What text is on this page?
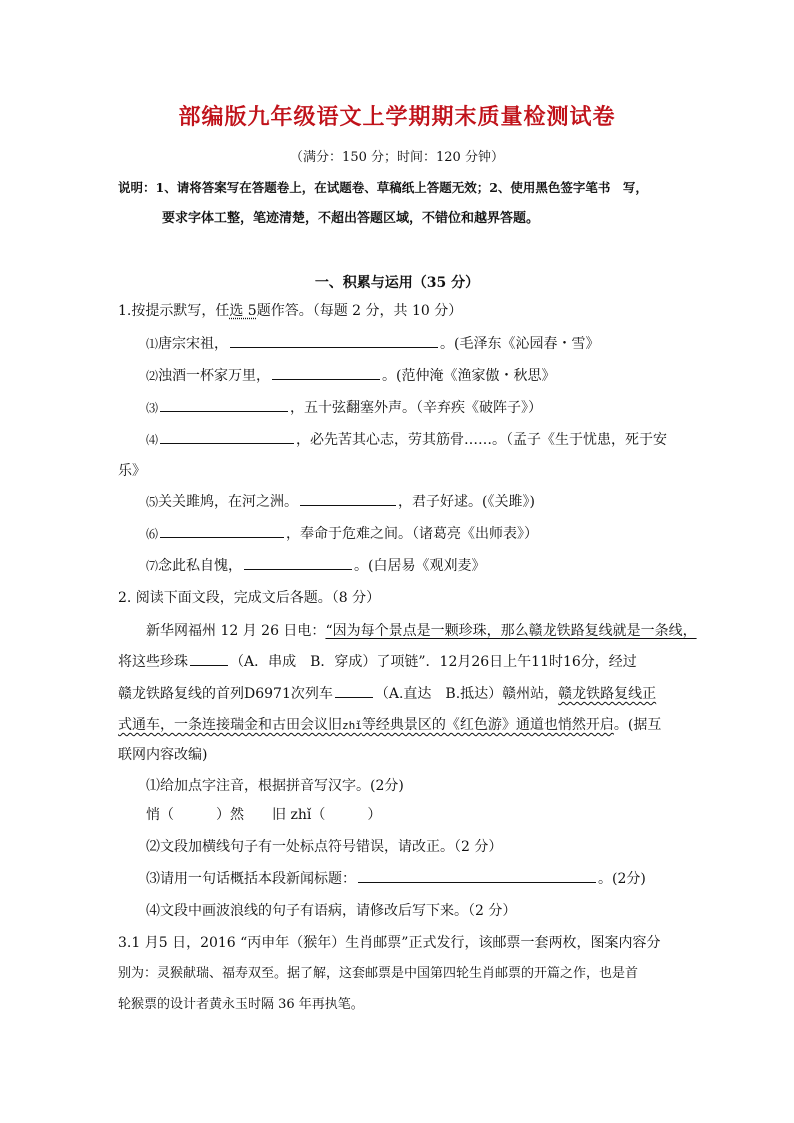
部编版九年级语文上学期期末质量检测试卷
（满分：150 分；时间：120 分钟）
说明：1、请将答案写在答题卷上，在试题卷、草稿纸上答题无效；2、使用黑色签字笔书　写，
要求字体工整，笔迹清楚，不超出答题区域，不错位和越界答题。
一、积累与运用（35 分）
1.按提示默写，任选 5题作答。（每题 2 分，共 10 分）
⑴唐宗宋祖，	。(毛泽东《沁园春・雪》
⑵浊酒一杯家万里，	。(范仲淹《渔家傲・秋思》
⑶	，五十弦翻塞外声。（辛弃疾《破阵子》）
⑷	，必先苦其心志，劳其筋骨……。（孟子《生于忧患，死于安
乐》
⑸关关雎鸠，在河之洲。	，君子好逑。(《关雎》)
⑹	，奉命于危难之间。（诸葛亮《出师表》）
⑺念此私自愧，	。(白居易《观刈麦》
2. 阅读下面文段，完成文后各题。（8 分）
新华网福州 12 月 26 日电：“因为每个景点是一颗珍珠，那么赣龙铁路复线就是一条线，
将这些珍珠	（A．串成　B．穿成）了项链”．12月26日上午11时16分，经过
赣龙铁路复线的首列D6971次列车	（A.直达　B.抵达）赣州站，赣龙铁路复线正
式通车，一条连接瑞金和古田会议旧zhǐ等经典景区的《红色游》通道也悄然开启。(据互
联网内容改编)
⑴给加点字注音，根据拼音写汉字。(2分)
悄（　　　）然　　旧 zhǐ（　　　）
⑵文段加横线句子有一处标点符号错误，请改正。（2 分）
⑶请用一句话概括本段新闻标题：	。(2分)
⑷文段中画波浪线的句子有语病，请修改后写下来。（2 分）
3.1 月5 日，2016 “丙申年（猴年）生肖邮票”正式发行，该邮票一套两枚，图案内容分
别为：灵猴献瑞、福寿双至。据了解，这套邮票是中国第四轮生肖邮票的开篇之作，也是首
轮猴票的设计者黄永玉时隔 36 年再执笔。
